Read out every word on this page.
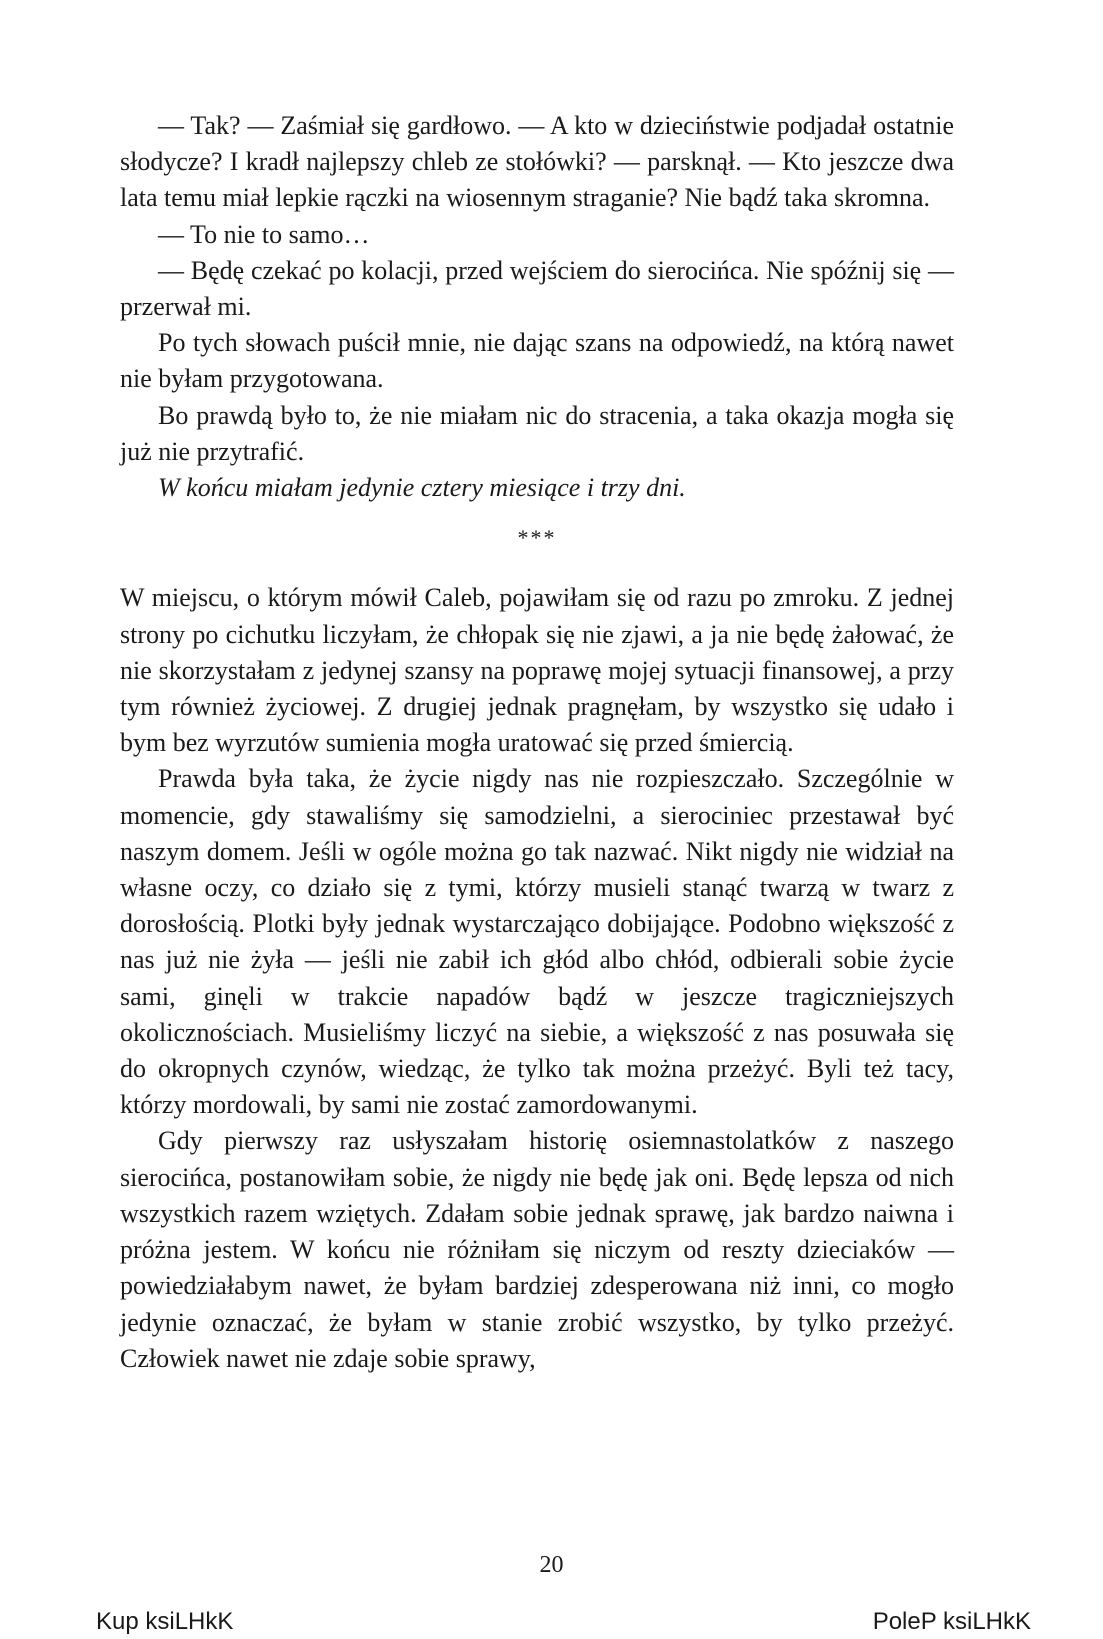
— Tak? — Zaśmiał się gardłowo. — A kto w dzieciństwie podjadał ostatnie słodycze? I kradł najlepszy chleb ze stołówki? — parsknął. — Kto jeszcze dwa lata temu miał lepkie rączki na wiosennym straganie? Nie bądź taka skromna.

— To nie to samo…

— Będę czekać po kolacji, przed wejściem do sierocińca. Nie spóźnij się — przerwał mi.

Po tych słowach puścił mnie, nie dając szans na odpowiedź, na którą nawet nie byłam przygotowana.

Bo prawdą było to, że nie miałam nic do stracenia, a taka okazja mogła się już nie przytrafić.

W końcu miałam jedynie cztery miesiące i trzy dni.

***

W miejscu, o którym mówił Caleb, pojawiłam się od razu po zmroku. Z jednej strony po cichutku liczyłam, że chłopak się nie zjawi, a ja nie będę żałować, że nie skorzystałam z jedynej szansy na poprawę mojej sytuacji finansowej, a przy tym również życiowej. Z drugiej jednak pragnęłam, by wszystko się udało i bym bez wyrzutów sumienia mogła uratować się przed śmiercią.

Prawda była taka, że życie nigdy nas nie rozpieszczało. Szczególnie w momencie, gdy stawaliśmy się samodzielni, a sierociniec przestawał być naszym domem. Jeśli w ogóle można go tak nazwać. Nikt nigdy nie widział na własne oczy, co działo się z tymi, którzy musieli stanąć twarzą w twarz z dorosłością. Plotki były jednak wystarczająco dobijające. Podobno większość z nas już nie żyła — jeśli nie zabił ich głód albo chłód, odbierali sobie życie sami, ginęli w trakcie napadów bądź w jeszcze tragiczniejszych okolicznościach. Musieliśmy liczyć na siebie, a większość z nas posuwała się do okropnych czynów, wiedząc, że tylko tak można przeżyć. Byli też tacy, którzy mordowali, by sami nie zostać zamordowanymi.

Gdy pierwszy raz usłyszałam historię osiemnastolatków z naszego sierocińca, postanowiłam sobie, że nigdy nie będę jak oni. Będę lepsza od nich wszystkich razem wziętych. Zdałam sobie jednak sprawę, jak bardzo naiwna i próżna jestem. W końcu nie różniłam się niczym od reszty dzieciaków — powiedziałabym nawet, że byłam bardziej zdesperowana niż inni, co mogło jedynie oznaczać, że byłam w stanie zrobić wszystko, by tylko przeżyć. Człowiek nawet nie zdaje sobie sprawy,

20
Kup ksiLHkK	PoleP ksiLHkK
